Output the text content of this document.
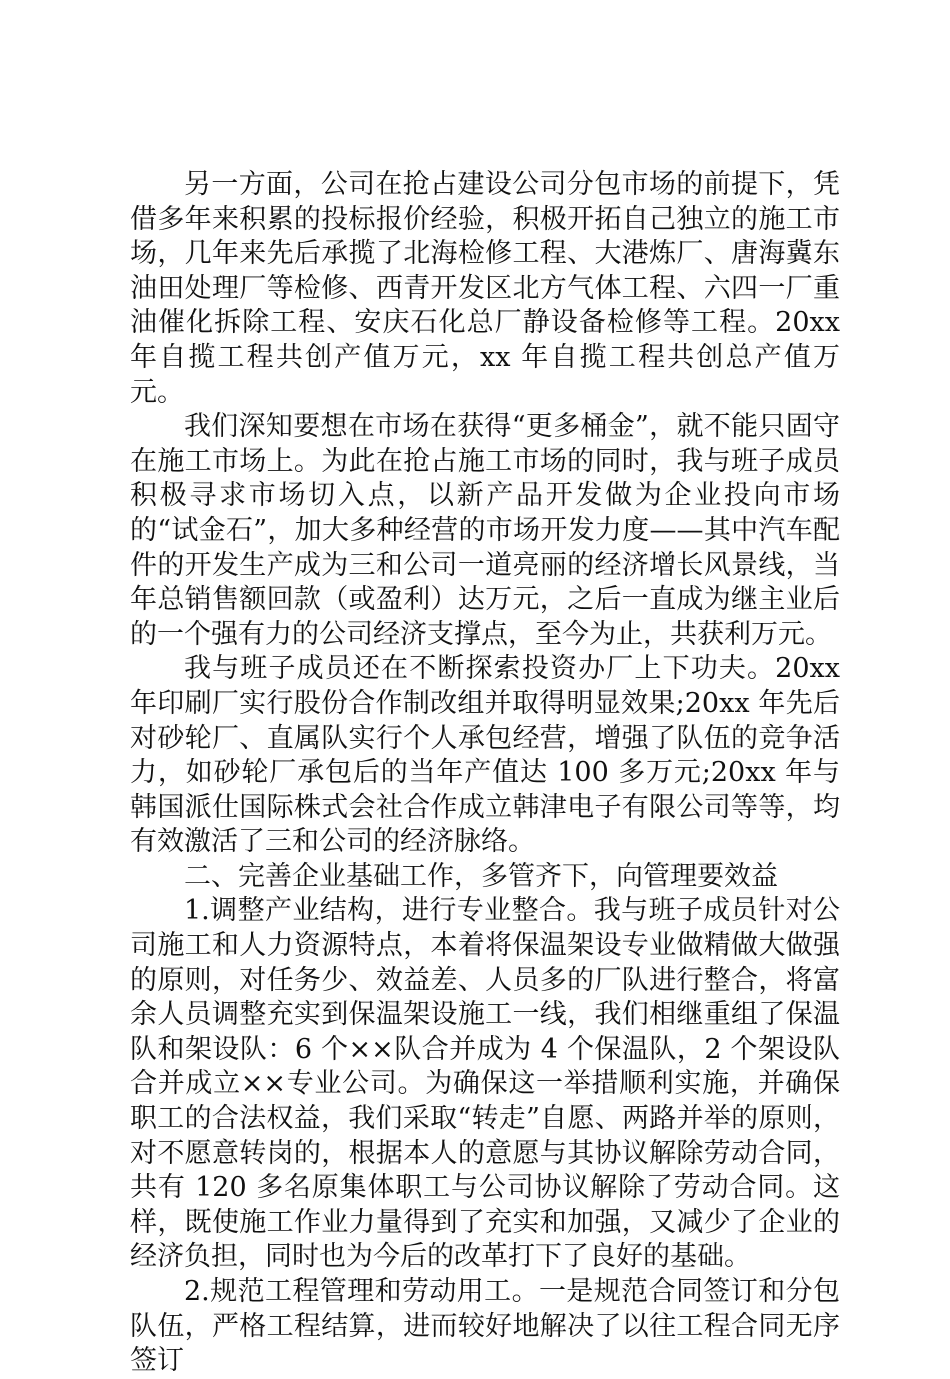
另一方面，公司在抢占建设公司分包市场的前提下，凭借多年来积累的投标报价经验，积极开拓自己独立的施工市场，几年来先后承揽了北海检修工程、大港炼厂、唐海冀东油田处理厂等检修、西青开发区北方气体工程、六四一厂重油催化拆除工程、安庆石化总厂静设备检修等工程。20xx 年自揽工程共创产值万元，xx 年自揽工程共创总产值万元。

我们深知要想在市场在获得“更多桶金”，就不能只固守在施工市场上。为此在抢占施工市场的同时，我与班子成员积极寻求市场切入点，以新产品开发做为企业投向市场的“试金石”，加大多种经营的市场开发力度——其中汽车配件的开发生产成为三和公司一道亮丽的经济增长风景线，当年总销售额回款（或盈利）达万元，之后一直成为继主业后的一个强有力的公司经济支撑点，至今为止，共获利万元。

我与班子成员还在不断探索投资办厂上下功夫。20xx 年印刷厂实行股份合作制改组并取得明显效果;20xx 年先后对砂轮厂、直属队实行个人承包经营，增强了队伍的竞争活力，如砂轮厂承包后的当年产值达 100 多万元;20xx 年与韩国派仕国际株式会社合作成立韩津电子有限公司等等，均有效激活了三和公司的经济脉络。

二、完善企业基础工作，多管齐下，向管理要效益

1.调整产业结构，进行专业整合。我与班子成员针对公司施工和人力资源特点，本着将保温架设专业做精做大做强的原则，对任务少、效益差、人员多的厂队进行整合，将富余人员调整充实到保温架设施工一线，我们相继重组了保温队和架设队：6 个××队合并成为 4 个保温队，2 个架设队合并成立××专业公司。为确保这一举措顺利实施，并确保职工的合法权益，我们采取“转走”自愿、两路并举的原则，对不愿意转岗的，根据本人的意愿与其协议解除劳动合同，共有 120 多名原集体职工与公司协议解除了劳动合同。这样，既使施工作业力量得到了充实和加强，又减少了企业的经济负担，同时也为今后的改革打下了良好的基础。

2.规范工程管理和劳动用工。一是规范合同签订和分包队伍，严格工程结算，进而较好地解决了以往工程合同无序签订
